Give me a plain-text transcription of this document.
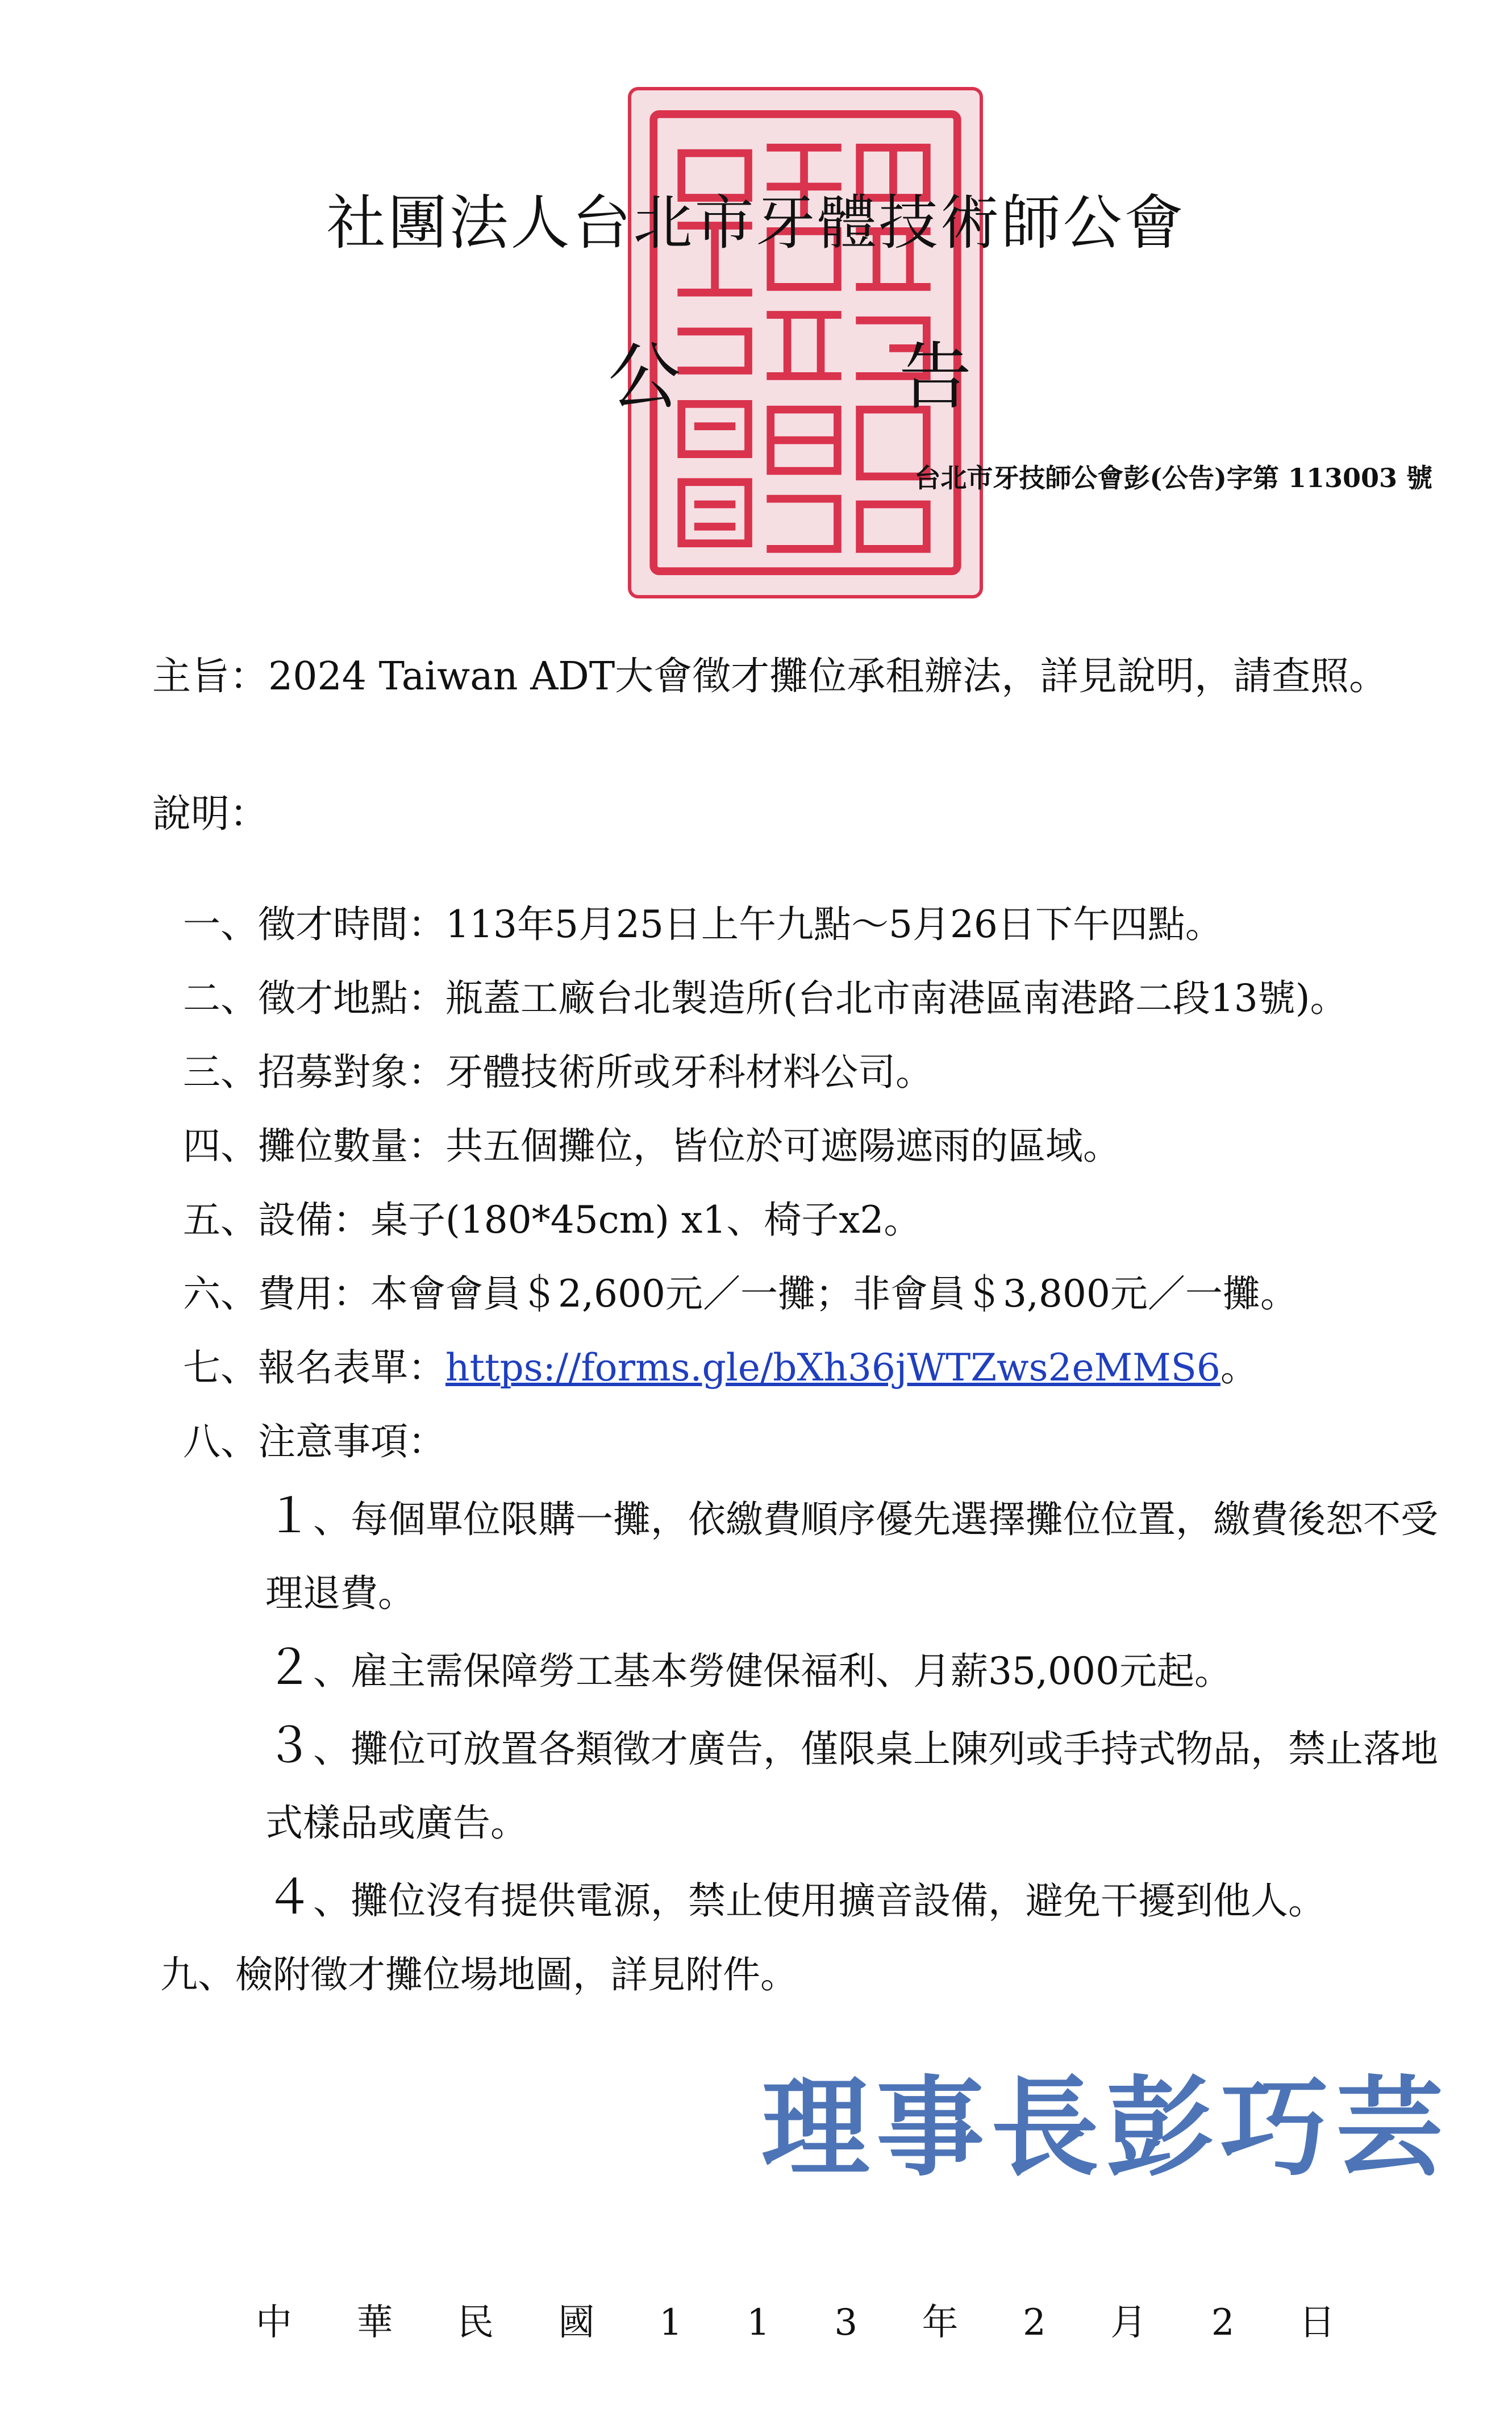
社團法人台北市牙體技術師公會
公	告
台北市牙技師公會彭(公告)字第 113003 號
主旨：2024 Taiwan ADT大會徵才攤位承租辦法，詳見說明，請查照。
說明：
一、徵才時間：113年5月25日上午九點～5月26日下午四點。
二、徵才地點：瓶蓋工廠台北製造所(台北市南港區南港路二段13號)。
三、招募對象：牙體技術所或牙科材料公司。
四、攤位數量：共五個攤位，皆位於可遮陽遮雨的區域。
五、設備：桌子(180*45cm) x1、椅子x2。
六、費用：本會會員＄2,600元／一攤；非會員＄3,800元／一攤。
七、報名表單：https://forms.gle/bXh36jWTZws2eMMS6。
八、注意事項：
１、每個單位限購一攤，依繳費順序優先選擇攤位位置，繳費後恕不受理退費。
２、雇主需保障勞工基本勞健保福利、月薪35,000元起。
３、攤位可放置各類徵才廣告，僅限桌上陳列或手持式物品，禁止落地式樣品或廣告。
４、攤位沒有提供電源，禁止使用擴音設備，避免干擾到他人。
九、檢附徵才攤位場地圖，詳見附件。
理事長彭巧芸
中 華 民 國 1 1 3 年 2 月 2 日
